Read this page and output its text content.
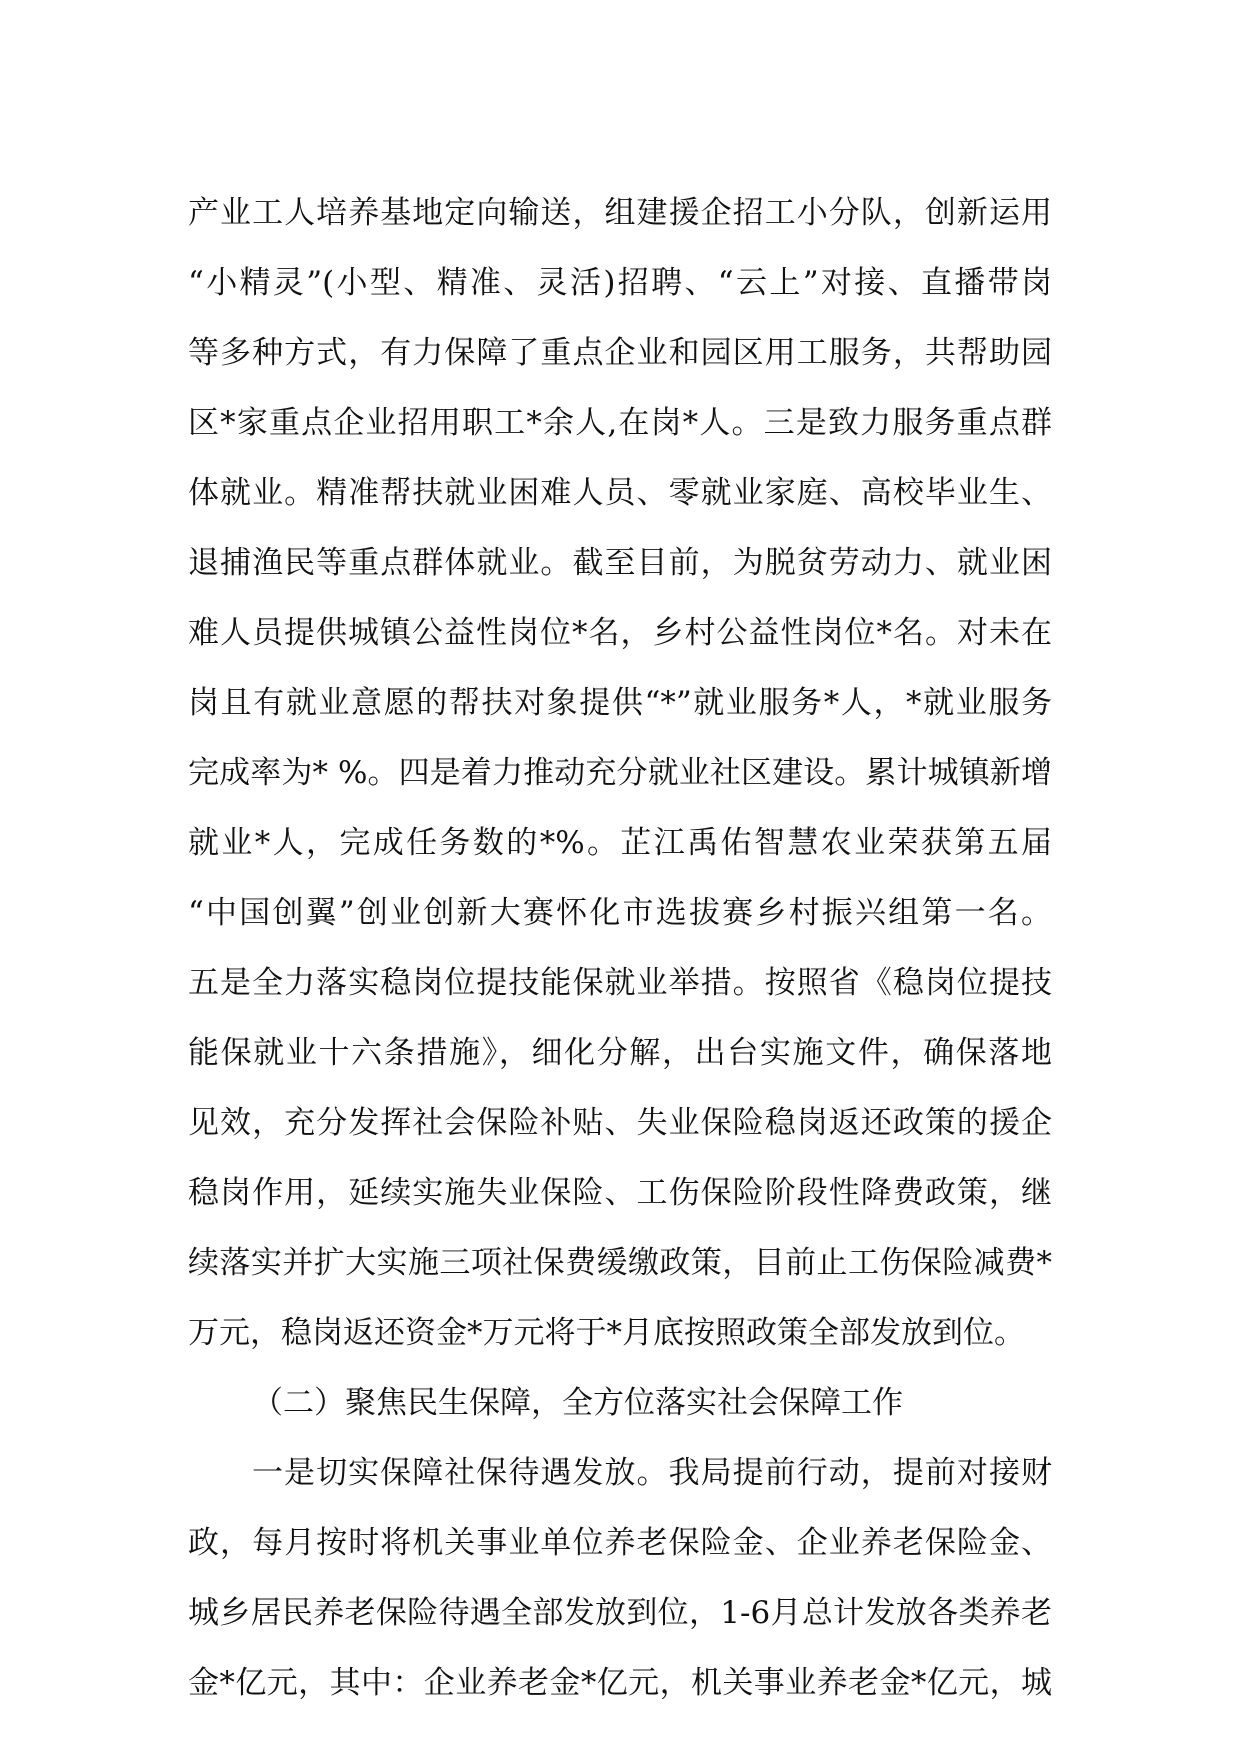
产业工人培养基地定向输送，组建援企招工小分队，创新运用
“小精灵”(小型、精准、灵活)招聘、“云上”对接、直播带岗
等多种方式，有力保障了重点企业和园区用工服务，共帮助园
区*家重点企业招用职工*余人,在岗*人。三是致力服务重点群
体就业。精准帮扶就业困难人员、零就业家庭、高校毕业生、
退捕渔民等重点群体就业。截至目前，为脱贫劳动力、就业困
难人员提供城镇公益性岗位*名，乡村公益性岗位*名。对未在
岗且有就业意愿的帮扶对象提供“*”就业服务*人，*就业服务
完成率为* %。四是着力推动充分就业社区建设。累计城镇新增
就业*人，完成任务数的*%。芷江禹佑智慧农业荣获第五届
“中国创翼”创业创新大赛怀化市选拔赛乡村振兴组第一名。
五是全力落实稳岗位提技能保就业举措。按照省《稳岗位提技
能保就业十六条措施》，细化分解，出台实施文件，确保落地
见效，充分发挥社会保险补贴、失业保险稳岗返还政策的援企
稳岗作用，延续实施失业保险、工伤保险阶段性降费政策，继
续落实并扩大实施三项社保费缓缴政策，目前止工伤保险减费*
万元，稳岗返还资金*万元将于*月底按照政策全部发放到位。
（二）聚焦民生保障，全方位落实社会保障工作
一是切实保障社保待遇发放。我局提前行动，提前对接财
政，每月按时将机关事业单位养老保险金、企业养老保险金、
城乡居民养老保险待遇全部发放到位，1-6月总计发放各类养老
金*亿元，其中：企业养老金*亿元，机关事业养老金*亿元，城
